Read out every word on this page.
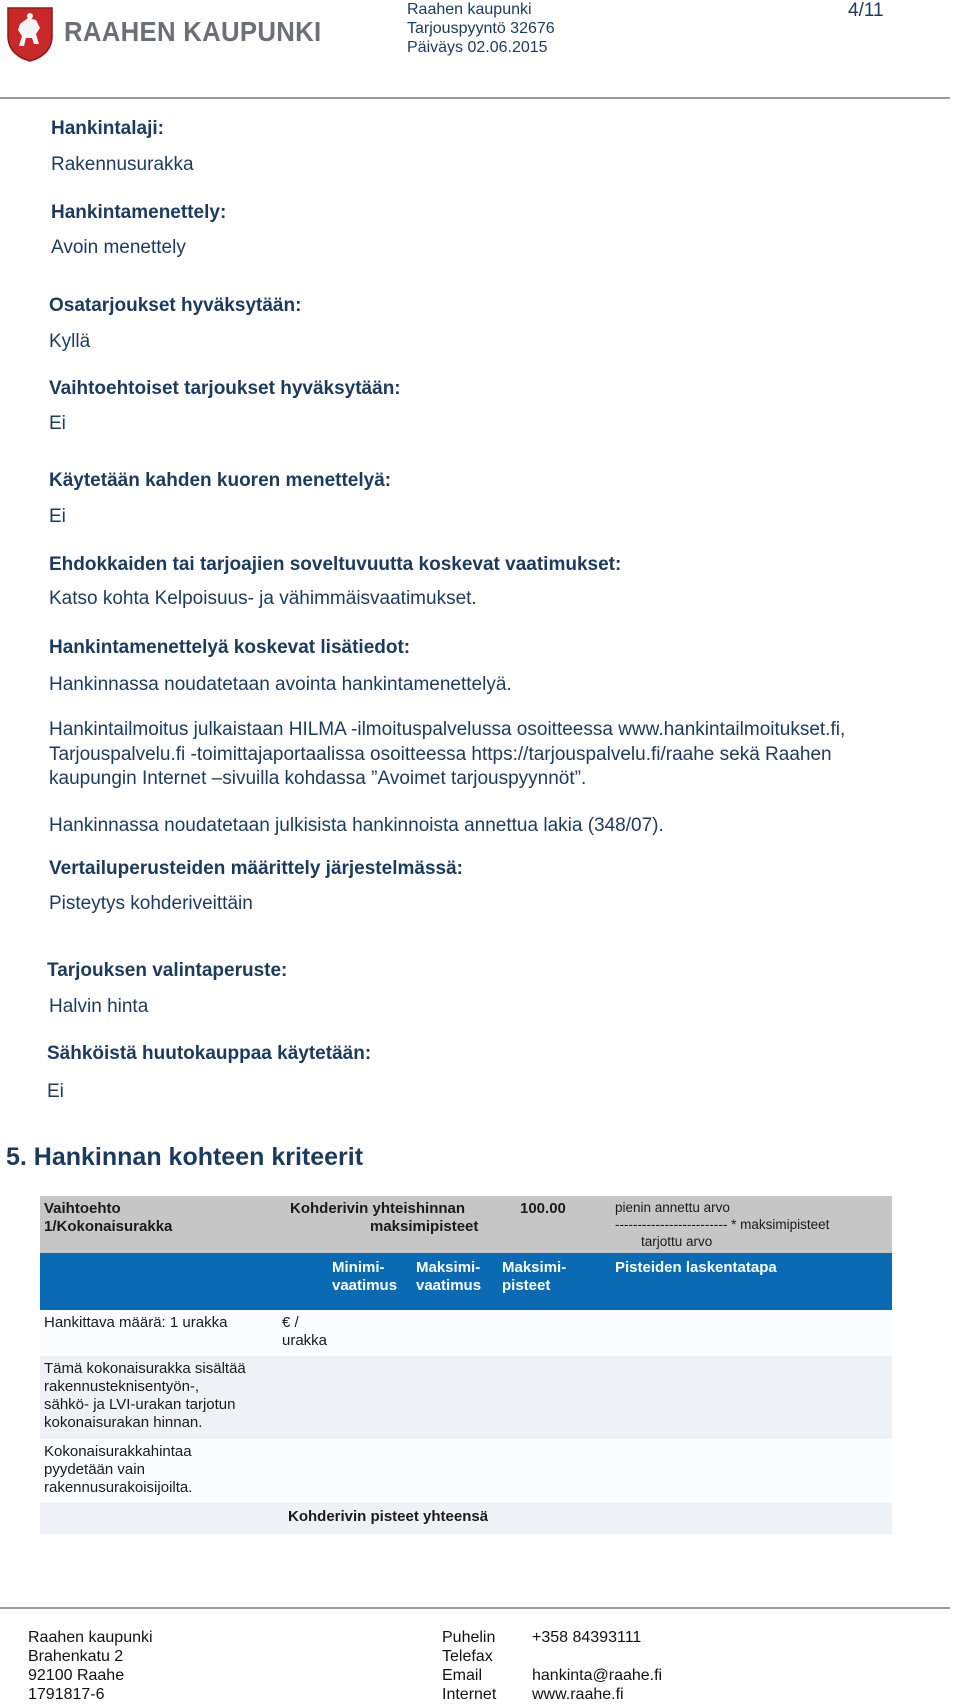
RAAHEN KAUPUNKI
Raahen kaupunki
Tarjouspyyntö 32676
Päiväys 02.06.2015
4/11
Hankintalaji:
Rakennusurakka
Hankintamenettely:
Avoin menettely
Osatarjoukset hyväksytään:
Kyllä
Vaihtoehtoiset tarjoukset hyväksytään:
Ei
Käytetään kahden kuoren menettelyä:
Ei
Ehdokkaiden tai tarjoajien soveltuvuutta koskevat vaatimukset:
Katso kohta Kelpoisuus- ja vähimmäisvaatimukset.
Hankintamenettelyä koskevat lisätiedot:
Hankinnassa noudatetaan avointa hankintamenettelyä.
Hankintailmoitus julkaistaan HILMA -ilmoituspalvelussa osoitteessa www.hankintailmoitukset.fi,
Tarjouspalvelu.fi -toimittajaportaalissa osoitteessa https://tarjouspalvelu.fi/raahe sekä Raahen
kaupungin Internet –sivuilla kohdassa ”Avoimet tarjouspyynnöt”.
Hankinnassa noudatetaan julkisista hankinnoista annettua lakia (348/07).
Vertailuperusteiden määrittely järjestelmässä:
Pisteytys kohderiveittäin
Tarjouksen valintaperuste:
Halvin hinta
Sähköistä huutokauppaa käytetään:
Ei
5. Hankinnan kohteen kriteerit
Vaihtoehto
1/Kokonaisurakka
Kohderivin yhteishinnan
maksimipisteet
100.00	pienin annettu arvo
------------------------- * maksimipisteet
tarjottu arvo
Minimi-
vaatimus
Maksimi-
vaatimus
Maksimi-
pisteet
Pisteiden laskentatapa
Hankittava määrä: 1 urakka	€ /
urakka
Tämä kokonaisurakka sisältää
rakennusteknisentyön-,
sähkö- ja LVI-urakan tarjotun
kokonaisurakan hinnan.
Kokonaisurakkahintaa
pyydetään vain
rakennusurakoisijoilta.
Kohderivin pisteet yhteensä
Raahen kaupunki
Brahenkatu 2
92100 Raahe
1791817-6
Puhelin
Telefax
Email
Internet
+358 84393111

hankinta@raahe.fi
www.raahe.fi
